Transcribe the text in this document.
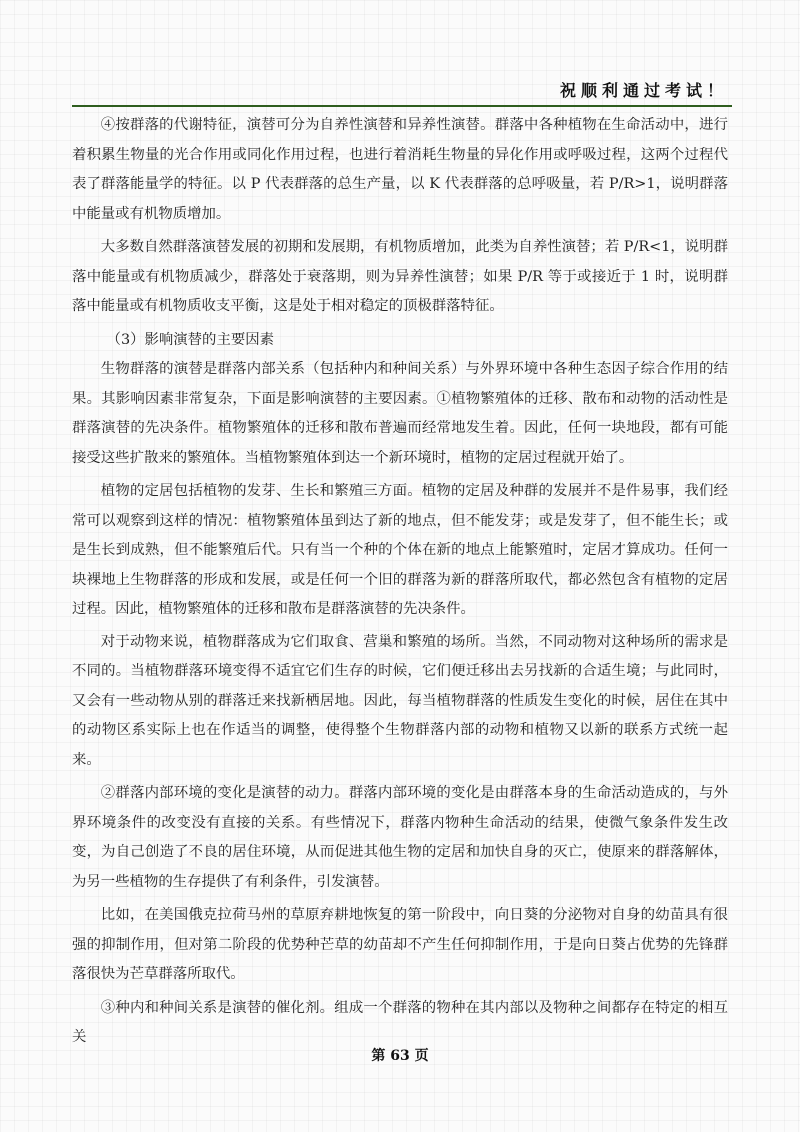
祝顺利通过考试！

④按群落的代谢特征，演替可分为自养性演替和异养性演替。群落中各种植物在生命活动中，进行着积累生物量的光合作用或同化作用过程，也进行着消耗生物量的异化作用或呼吸过程，这两个过程代表了群落能量学的特征。以 P 代表群落的总生产量，以 K 代表群落的总呼吸量，若 P/R>1，说明群落中能量或有机物质增加。

大多数自然群落演替发展的初期和发展期，有机物质增加，此类为自养性演替；若 P/R<1，说明群落中能量或有机物质减少，群落处于衰落期，则为异养性演替；如果 P/R 等于或接近于 1 时，说明群落中能量或有机物质收支平衡，这是处于相对稳定的顶极群落特征。

（3）影响演替的主要因素

生物群落的演替是群落内部关系（包括种内和种间关系）与外界环境中各种生态因子综合作用的结果。其影响因素非常复杂，下面是影响演替的主要因素。①植物繁殖体的迁移、散布和动物的活动性是群落演替的先决条件。植物繁殖体的迁移和散布普遍而经常地发生着。因此，任何一块地段，都有可能接受这些扩散来的繁殖体。当植物繁殖体到达一个新环境时，植物的定居过程就开始了。

植物的定居包括植物的发芽、生长和繁殖三方面。植物的定居及种群的发展并不是件易事，我们经常可以观察到这样的情况：植物繁殖体虽到达了新的地点，但不能发芽；或是发芽了，但不能生长；或是生长到成熟，但不能繁殖后代。只有当一个种的个体在新的地点上能繁殖时，定居才算成功。任何一块裸地上生物群落的形成和发展，或是任何一个旧的群落为新的群落所取代，都必然包含有植物的定居过程。因此，植物繁殖体的迁移和散布是群落演替的先决条件。

对于动物来说，植物群落成为它们取食、营巢和繁殖的场所。当然，不同动物对这种场所的需求是不同的。当植物群落环境变得不适宜它们生存的时候，它们便迁移出去另找新的合适生境；与此同时，又会有一些动物从别的群落迁来找新栖居地。因此，每当植物群落的性质发生变化的时候，居住在其中的动物区系实际上也在作适当的调整，使得整个生物群落内部的动物和植物又以新的联系方式统一起来。

②群落内部环境的变化是演替的动力。群落内部环境的变化是由群落本身的生命活动造成的，与外界环境条件的改变没有直接的关系。有些情况下，群落内物种生命活动的结果，使微气象条件发生改变，为自己创造了不良的居住环境，从而促进其他生物的定居和加快自身的灭亡，使原来的群落解体，为另一些植物的生存提供了有利条件，引发演替。

比如，在美国俄克拉荷马州的草原弃耕地恢复的第一阶段中，向日葵的分泌物对自身的幼苗具有很强的抑制作用，但对第二阶段的优势种芒草的幼苗却不产生任何抑制作用，于是向日葵占优势的先锋群落很快为芒草群落所取代。

③种内和种间关系是演替的催化剂。组成一个群落的物种在其内部以及物种之间都存在特定的相互关

第 63 页
